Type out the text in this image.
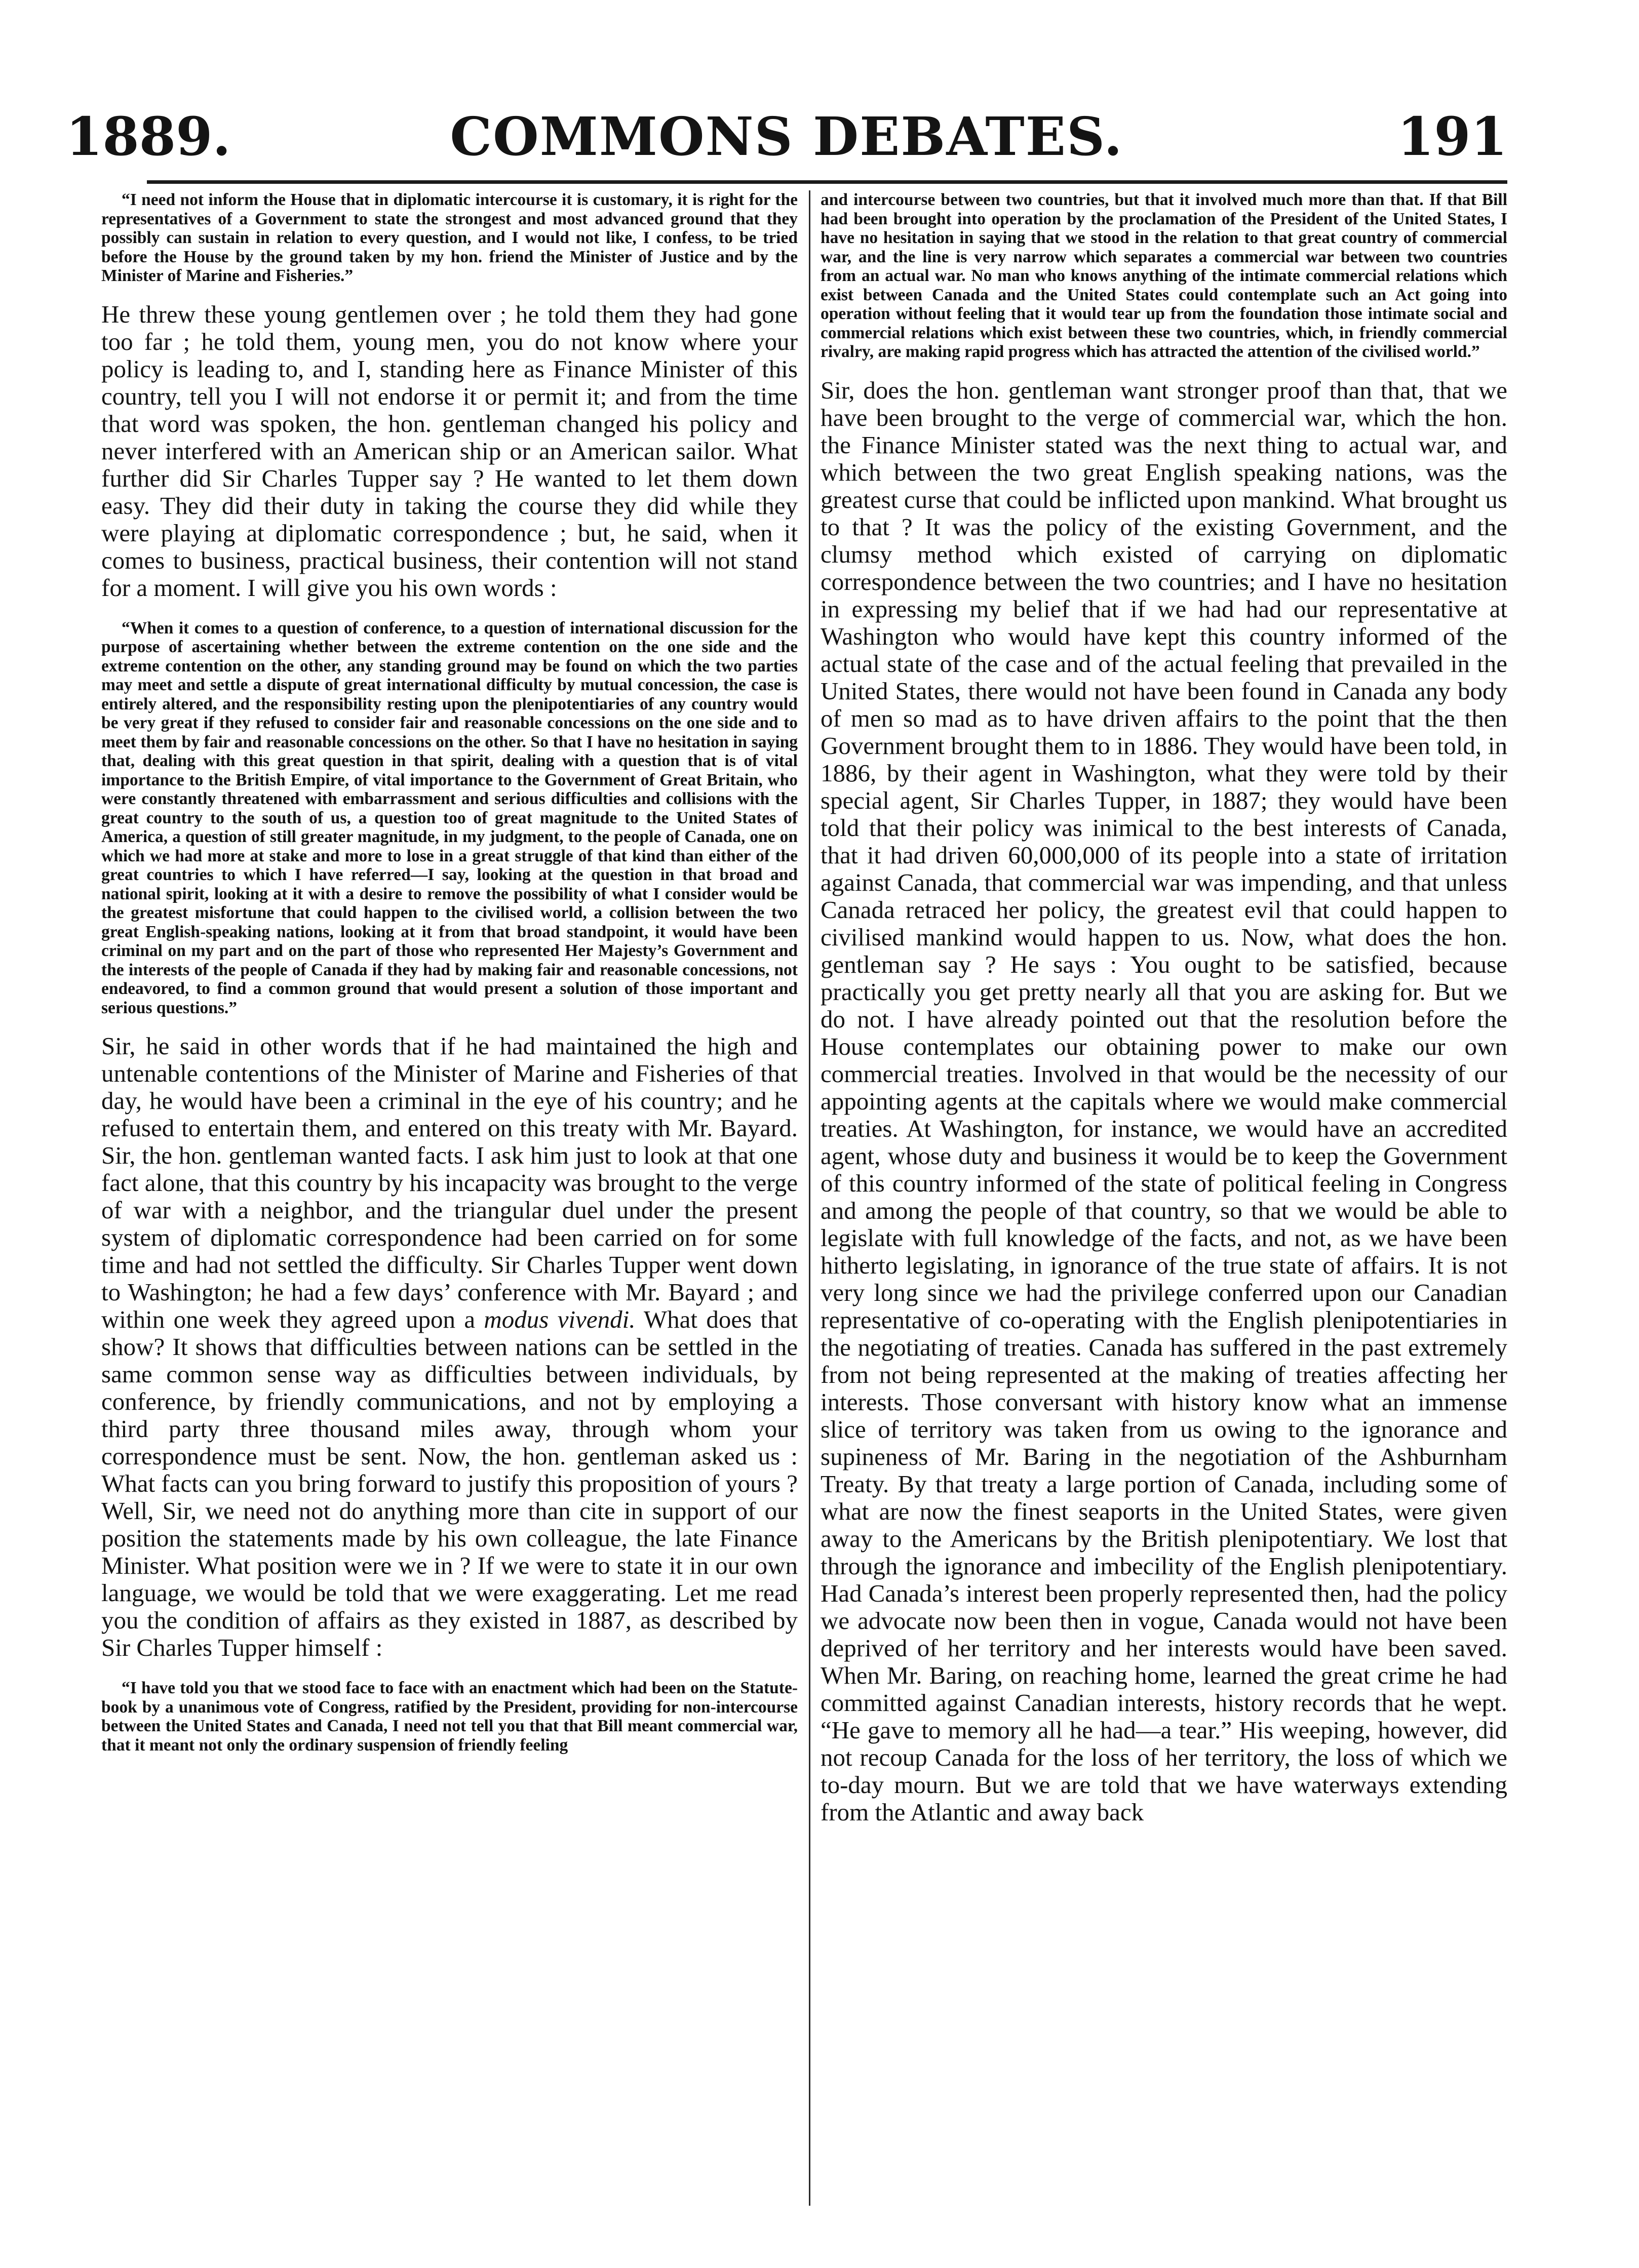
1889.	COMMONS DEBATES.	191

“I need not inform the House that in diplomatic intercourse it is customary, it is right for the representatives of a Government to state the strongest and most advanced ground that they possibly can sustain in relation to every question, and I would not like, I confess, to be tried before the House by the ground taken by my hon. friend the Minister of Justice and by the Minister of Marine and Fisheries.”

He threw these young gentlemen over ; he told them they had gone too far ; he told them, young men, you do not know where your policy is leading to, and I, standing here as Finance Minister of this country, tell you I will not endorse it or permit it; and from the time that word was spoken, the hon. gentleman changed his policy and never interfered with an American ship or an American sailor. What further did Sir Charles Tupper say ? He wanted to let them down easy. They did their duty in taking the course they did while they were playing at diplomatic correspondence ; but, he said, when it comes to business, practical business, their contention will not stand for a moment. I will give you his own words :

“When it comes to a question of conference, to a question of international discussion for the purpose of ascertaining whether between the extreme contention on the one side and the extreme contention on the other, any standing ground may be found on which the two parties may meet and settle a dispute of great international difficulty by mutual concession, the case is entirely altered, and the responsibility resting upon the plenipotentiaries of any country would be very great if they refused to consider fair and reasonable concessions on the one side and to meet them by fair and reasonable concessions on the other. So that I have no hesitation in saying that, dealing with this great question in that spirit, dealing with a question that is of vital importance to the British Empire, of vital importance to the Government of Great Britain, who were constantly threatened with embarrassment and serious difficulties and collisions with the great country to the south of us, a question too of great magnitude to the United States of America, a question of still greater magnitude, in my judgment, to the people of Canada, one on which we had more at stake and more to lose in a great struggle of that kind than either of the great countries to which I have referred—I say, looking at the question in that broad and national spirit, looking at it with a desire to remove the possibility of what I consider would be the greatest misfortune that could happen to the civilised world, a collision between the two great English-speaking nations, looking at it from that broad standpoint, it would have been criminal on my part and on the part of those who represented Her Majesty’s Government and the interests of the people of Canada if they had by making fair and reasonable concessions, not endeavored, to find a common ground that would present a solution of those important and serious questions.”

Sir, he said in other words that if he had maintained the high and untenable contentions of the Minister of Marine and Fisheries of that day, he would have been a criminal in the eye of his country; and he refused to entertain them, and entered on this treaty with Mr. Bayard. Sir, the hon. gentleman wanted facts. I ask him just to look at that one fact alone, that this country by his incapacity was brought to the verge of war with a neighbor, and the triangular duel under the present system of diplomatic correspondence had been carried on for some time and had not settled the difficulty. Sir Charles Tupper went down to Washington; he had a few days’ conference with Mr. Bayard ; and within one week they agreed upon a modus vivendi. What does that show? It shows that difficulties between nations can be settled in the same common sense way as difficulties between individuals, by conference, by friendly communications, and not by employing a third party three thousand miles away, through whom your correspondence must be sent. Now, the hon. gentleman asked us : What facts can you bring forward to justify this proposition of yours ? Well, Sir, we need not do anything more than cite in support of our position the statements made by his own colleague, the late Finance Minister. What position were we in ? If we were to state it in our own language, we would be told that we were exaggerating. Let me read you the condition of affairs as they existed in 1887, as described by Sir Charles Tupper himself :

“I have told you that we stood face to face with an enactment which had been on the Statute-book by a unanimous vote of Congress, ratified by the President, providing for non-intercourse between the United States and Canada, I need not tell you that that Bill meant commercial war, that it meant not only the ordinary suspension of friendly feeling

and intercourse between two countries, but that it involved much more than that. If that Bill had been brought into operation by the proclamation of the President of the United States, I have no hesitation in saying that we stood in the relation to that great country of commercial war, and the line is very narrow which separates a commercial war between two countries from an actual war. No man who knows anything of the intimate commercial relations which exist between Canada and the United States could contemplate such an Act going into operation without feeling that it would tear up from the foundation those intimate social and commercial relations which exist between these two countries, which, in friendly commercial rivalry, are making rapid progress which has attracted the attention of the civilised world.”

Sir, does the hon. gentleman want stronger proof than that, that we have been brought to the verge of commercial war, which the hon. the Finance Minister stated was the next thing to actual war, and which between the two great English speaking nations, was the greatest curse that could be inflicted upon mankind. What brought us to that ? It was the policy of the existing Government, and the clumsy method which existed of carrying on diplomatic correspondence between the two countries; and I have no hesitation in expressing my belief that if we had had our representative at Washington who would have kept this country informed of the actual state of the case and of the actual feeling that prevailed in the United States, there would not have been found in Canada any body of men so mad as to have driven affairs to the point that the then Government brought them to in 1886. They would have been told, in 1886, by their agent in Washington, what they were told by their special agent, Sir Charles Tupper, in 1887; they would have been told that their policy was inimical to the best interests of Canada, that it had driven 60,000,000 of its people into a state of irritation against Canada, that commercial war was impending, and that unless Canada retraced her policy, the greatest evil that could happen to civilised mankind would happen to us. Now, what does the hon. gentleman say ? He says : You ought to be satisfied, because practically you get pretty nearly all that you are asking for. But we do not. I have already pointed out that the resolution before the House contemplates our obtaining power to make our own commercial treaties. Involved in that would be the necessity of our appointing agents at the capitals where we would make commercial treaties. At Washington, for instance, we would have an accredited agent, whose duty and business it would be to keep the Government of this country informed of the state of political feeling in Congress and among the people of that country, so that we would be able to legislate with full knowledge of the facts, and not, as we have been hitherto legislating, in ignorance of the true state of affairs. It is not very long since we had the privilege conferred upon our Canadian representative of co-operating with the English plenipotentiaries in the negotiating of treaties. Canada has suffered in the past extremely from not being represented at the making of treaties affecting her interests. Those conversant with history know what an immense slice of territory was taken from us owing to the ignorance and supineness of Mr. Baring in the negotiation of the Ashburnham Treaty. By that treaty a large portion of Canada, including some of what are now the finest seaports in the United States, were given away to the Americans by the British plenipotentiary. We lost that through the ignorance and imbecility of the English plenipotentiary. Had Canada’s interest been properly represented then, had the policy we advocate now been then in vogue, Canada would not have been deprived of her territory and her interests would have been saved. When Mr. Baring, on reaching home, learned the great crime he had committed against Canadian interests, history records that he wept. “He gave to memory all he had—a tear.” His weeping, however, did not recoup Canada for the loss of her territory, the loss of which we to-day mourn. But we are told that we have waterways extending from the Atlantic and away back
